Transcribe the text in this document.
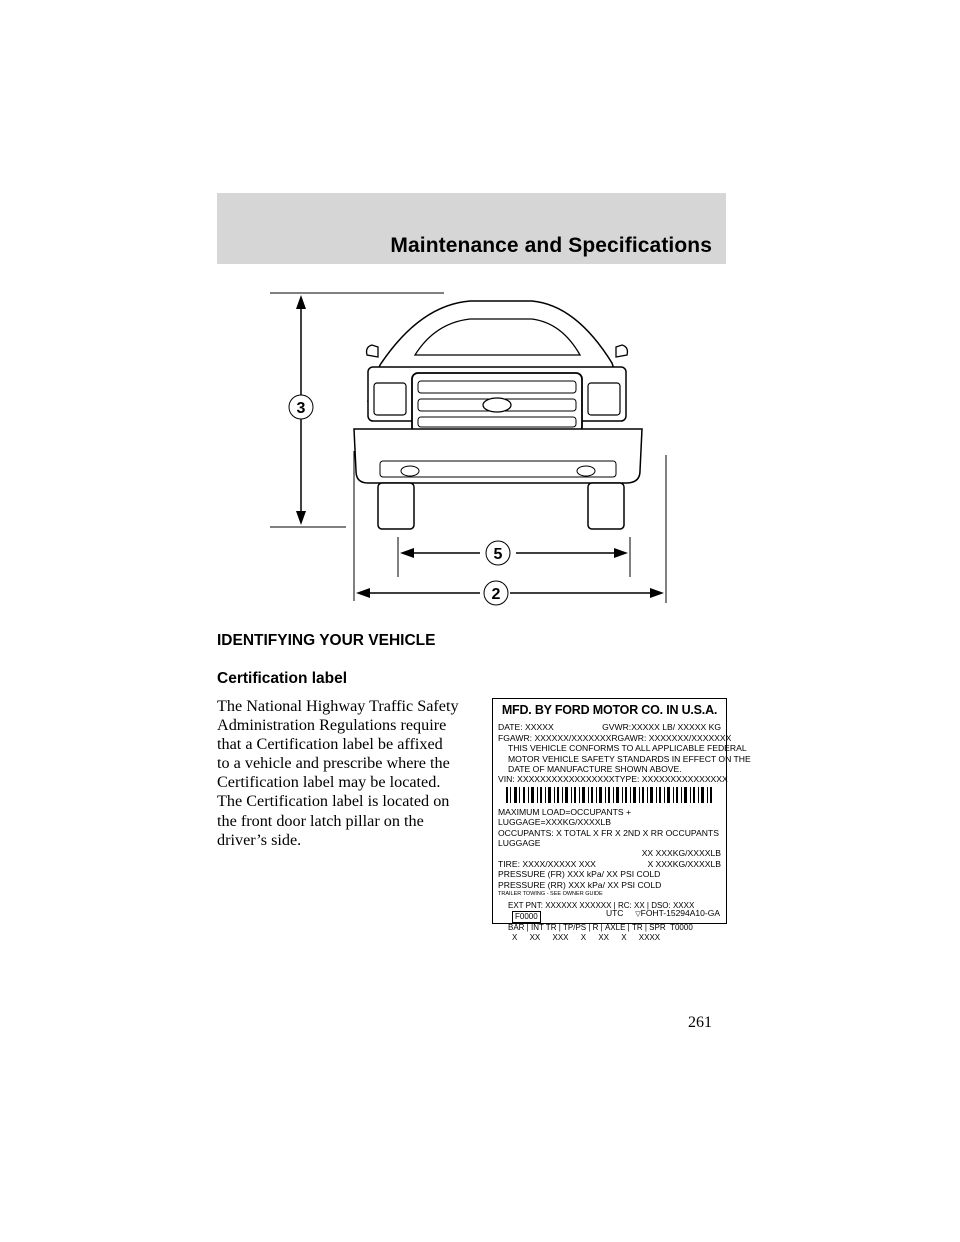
Maintenance and Specifications
3
5
2
IDENTIFYING YOUR VEHICLE
Certification label
The National Highway Traffic Safety
Administration Regulations require
that a Certification label be affixed
to a vehicle and prescribe where the
Certification label may be located.
The Certification label is located on
the front door latch pillar on the
driver’s side.
MFD. BY FORD MOTOR CO. IN U.S.A.
DATE: XXXXX	GVWR:XXXXX LB/ XXXXX KG
FGAWR: XXXXXX/XXXXXXX RGAWR: XXXXXXX/XXXXXXX
THIS VEHICLE CONFORMS TO ALL APPLICABLE FEDERAL
MOTOR VEHICLE SAFETY STANDARDS IN EFFECT ON THE
DATE OF MANUFACTURE SHOWN ABOVE.
VIN: XXXXXXXXXXXXXXXXX TYPE: XXXXXXXXXXXXXXX
MAXIMUM LOAD=OCCUPANTS + LUGGAGE=XXXKG/XXXXLB
OCCUPANTS: X TOTAL X FR X 2ND X RR OCCUPANTS LUGGAGE
XX XXXKG/XXXXLB
TIRE: XXXX/XXXXX XXX	X XXXKG/XXXXLB
PRESSURE (FR) XXX kPa/ XX PSI COLD
PRESSURE (RR) XXX kPa/ XX PSI COLD
TRAILER TOWING - SEE OWNER GUIDE
EXT PNT: XXXXXX XXXXXX | RC: XX | DSO: XXXX F0000
BAR | INT TR | TP/PS | R | AXLE | TR | SPR T0000
X XX XXX X XX X XXXX
UTC ▽FOHT-15294A10-GA
261
